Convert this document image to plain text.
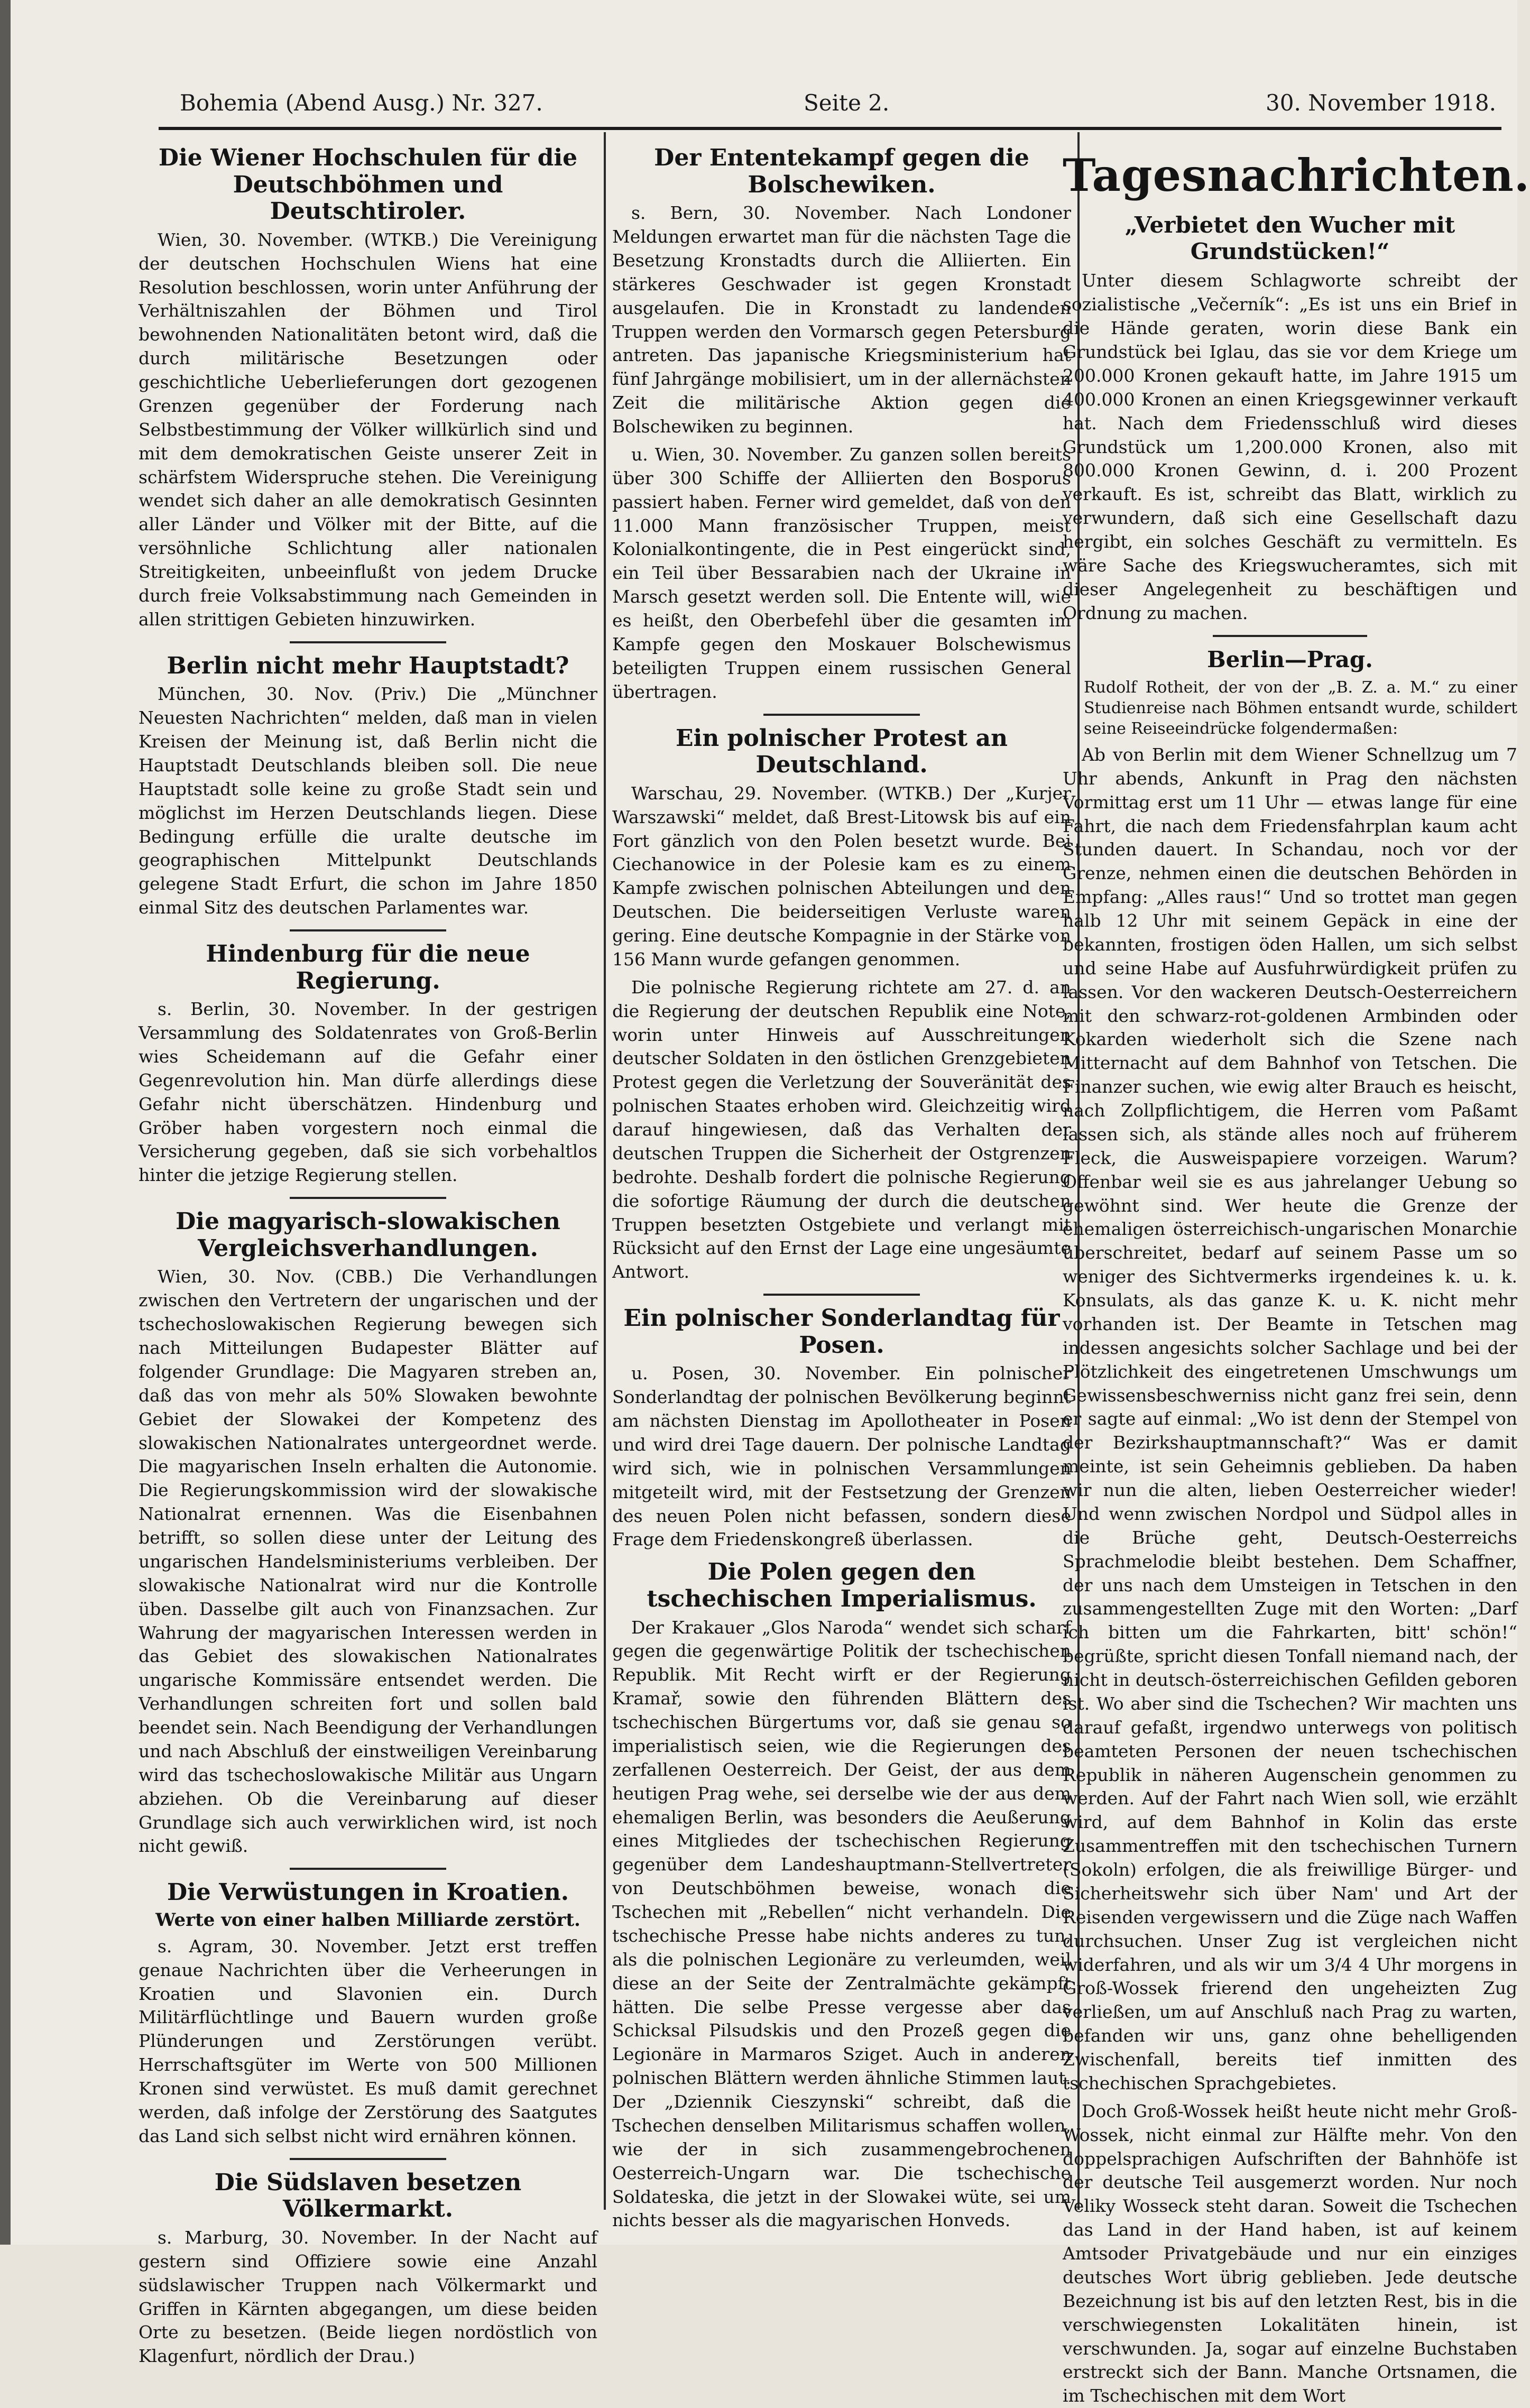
Bohemia (Abend Ausg.) Nr. 327.	Seite 2.	30. November 1918.
Die Wiener Hochschulen für die Deutschböhmen und Deutschtiroler.

Wien, 30. November. (WTKB.) Die Vereinigung der deutschen Hochschulen Wiens hat eine Resolution beschlossen, worin unter Anführung der Verhältniszahlen der Böhmen und Tirol bewohnenden Nationalitäten betont wird, daß die durch militärische Besetzungen oder geschichtliche Ueberlieferungen dort gezogenen Grenzen gegenüber der Forderung nach Selbstbestimmung der Völker willkürlich sind und mit dem demokratischen Geiste unserer Zeit in schärfstem Widerspruche stehen. Die Vereinigung wendet sich daher an alle demokratisch Gesinnten aller Länder und Völker mit der Bitte, auf die versöhnliche Schlichtung aller nationalen Streitigkeiten, unbeeinflußt von jedem Drucke durch freie Volksabstimmung nach Gemeinden in allen strittigen Gebieten hinzuwirken.

Berlin nicht mehr Hauptstadt?

München, 30. Nov. (Priv.) Die „Münchner Neuesten Nachrichten“ melden, daß man in vielen Kreisen der Meinung ist, daß Berlin nicht die Hauptstadt Deutschlands bleiben soll. Die neue Hauptstadt solle keine zu große Stadt sein und möglichst im Herzen Deutschlands liegen. Diese Bedingung erfülle die uralte deutsche im geographischen Mittelpunkt Deutschlands gelegene Stadt Erfurt, die schon im Jahre 1850 einmal Sitz des deutschen Parlamentes war.

Hindenburg für die neue Regierung.

s. Berlin, 30. November. In der gestrigen Versammlung des Soldatenrates von Groß-Berlin wies Scheidemann auf die Gefahr einer Gegenrevolution hin. Man dürfe allerdings diese Gefahr nicht überschätzen. Hindenburg und Gröber haben vorgestern noch einmal die Versicherung gegeben, daß sie sich vorbehaltlos hinter die jetzige Regierung stellen.

Die magyarisch-slowakischen Vergleichsverhandlungen.

Wien, 30. Nov. (CBB.) Die Verhandlungen zwischen den Vertretern der ungarischen und der tschechoslowakischen Regierung bewegen sich nach Mitteilungen Budapester Blätter auf folgender Grundlage: Die Magyaren streben an, daß das von mehr als 50% Slowaken bewohnte Gebiet der Slowakei der Kompetenz des slowakischen Nationalrates untergeordnet werde. Die magyarischen Inseln erhalten die Autonomie. Die Regierungskommission wird der slowakische Nationalrat ernennen. Was die Eisenbahnen betrifft, so sollen diese unter der Leitung des ungarischen Handelsministeriums verbleiben. Der slowakische Nationalrat wird nur die Kontrolle üben. Dasselbe gilt auch von Finanzsachen. Zur Wahrung der magyarischen Interessen werden in das Gebiet des slowakischen Nationalrates ungarische Kommissäre entsendet werden. Die Verhandlungen schreiten fort und sollen bald beendet sein. Nach Beendigung der Verhandlungen und nach Abschluß der einstweiligen Vereinbarung wird das tschechoslowakische Militär aus Ungarn abziehen. Ob die Vereinbarung auf dieser Grundlage sich auch verwirklichen wird, ist noch nicht gewiß.

Die Verwüstungen in Kroatien.
Werte von einer halben Milliarde zerstört.

s. Agram, 30. November. Jetzt erst treffen genaue Nachrichten über die Verheerungen in Kroatien und Slavonien ein. Durch Militärflüchtlinge und Bauern wurden große Plünderungen und Zerstörungen verübt. Herrschaftsgüter im Werte von 500 Millionen Kronen sind verwüstet. Es muß damit gerechnet werden, daß infolge der Zerstörung des Saatgutes das Land sich selbst nicht wird ernähren können.

Die Südslaven besetzen Völkermarkt.

s. Marburg, 30. November. In der Nacht auf gestern sind Offiziere sowie eine Anzahl südslawischer Truppen nach Völkermarkt und Griffen in Kärnten abgegangen, um diese beiden Orte zu besetzen. (Beide liegen nordöstlich von Klagenfurt, nördlich der Drau.)

Der Ententekampf gegen die Bolschewiken.

s. Bern, 30. November. Nach Londoner Meldungen erwartet man für die nächsten Tage die Besetzung Kronstadts durch die Alliierten. Ein stärkeres Geschwader ist gegen Kronstadt ausgelaufen. Die in Kronstadt zu landenden Truppen werden den Vormarsch gegen Petersburg antreten. Das japanische Kriegsministerium hat fünf Jahrgänge mobilisiert, um in der allernächsten Zeit die militärische Aktion gegen die Bolschewiken zu beginnen.

u. Wien, 30. November. Zu ganzen sollen bereits über 300 Schiffe der Alliierten den Bosporus passiert haben. Ferner wird gemeldet, daß von den 11.000 Mann französischer Truppen, meist Kolonialkontingente, die in Pest eingerückt sind, ein Teil über Bessarabien nach der Ukraine in Marsch gesetzt werden soll. Die Entente will, wie es heißt, den Oberbefehl über die gesamten im Kampfe gegen den Moskauer Bolschewismus beteiligten Truppen einem russischen General übertragen.

Ein polnischer Protest an Deutschland.

Warschau, 29. November. (WTKB.) Der „Kurjer Warszawski“ meldet, daß Brest-Litowsk bis auf ein Fort gänzlich von den Polen besetzt wurde. Bei Ciechanowice in der Polesie kam es zu einem Kampfe zwischen polnischen Abteilungen und den Deutschen. Die beiderseitigen Verluste waren gering. Eine deutsche Kompagnie in der Stärke von 156 Mann wurde gefangen genommen.

Die polnische Regierung richtete am 27. d. an die Regierung der deutschen Republik eine Note, worin unter Hinweis auf Ausschreitungen deutscher Soldaten in den östlichen Grenzgebieten Protest gegen die Verletzung der Souveränität des polnischen Staates erhoben wird. Gleichzeitig wird darauf hingewiesen, daß das Verhalten der deutschen Truppen die Sicherheit der Ostgrenzen bedrohte. Deshalb fordert die polnische Regierung die sofortige Räumung der durch die deutschen Truppen besetzten Ostgebiete und verlangt mit Rücksicht auf den Ernst der Lage eine ungesäumte Antwort.

Ein polnischer Sonderlandtag für Posen.

u. Posen, 30. November. Ein polnischer Sonderlandtag der polnischen Bevölkerung beginnt am nächsten Dienstag im Apollotheater in Posen und wird drei Tage dauern. Der polnische Landtag wird sich, wie in polnischen Versammlungen mitgeteilt wird, mit der Festsetzung der Grenzen des neuen Polen nicht befassen, sondern diese Frage dem Friedenskongreß überlassen.

Die Polen gegen den tschechischen Imperialismus.

Der Krakauer „Glos Naroda“ wendet sich scharf gegen die gegenwärtige Politik der tschechischen Republik. Mit Recht wirft er der Regierung Kramař, sowie den führenden Blättern des tschechischen Bürgertums vor, daß sie genau so imperialistisch seien, wie die Regierungen des zerfallenen Oesterreich. Der Geist, der aus dem heutigen Prag wehe, sei derselbe wie der aus dem ehemaligen Berlin, was besonders die Aeußerung eines Mitgliedes der tschechischen Regierung gegenüber dem Landeshauptmann-Stellvertreter von Deutschböhmen beweise, wonach die Tschechen mit „Rebellen“ nicht verhandeln. Die tschechische Presse habe nichts anderes zu tun, als die polnischen Legionäre zu verleumden, weil diese an der Seite der Zentralmächte gekämpft hätten. Die selbe Presse vergesse aber das Schicksal Pilsudskis und den Prozeß gegen die Legionäre in Marmaros Sziget. Auch in anderen polnischen Blättern werden ähnliche Stimmen laut. Der „Dziennik Cieszynski“ schreibt, daß die Tschechen denselben Militarismus schaffen wollen, wie der in sich zusammengebrochenen Oesterreich-Ungarn war. Die tschechische Soldateska, die jetzt in der Slowakei wüte, sei um nichts besser als die magyarischen Honveds.

Tagesnachrichten.
„Verbietet den Wucher mit Grundstücken!“

Unter diesem Schlagworte schreibt der sozialistische „Večerník“: „Es ist uns ein Brief in die Hände geraten, worin diese Bank ein Grundstück bei Iglau, das sie vor dem Kriege um 200.000 Kronen gekauft hatte, im Jahre 1915 um 400.000 Kronen an einen Kriegsgewinner verkauft hat. Nach dem Friedensschluß wird dieses Grundstück um 1,200.000 Kronen, also mit 800.000 Kronen Gewinn, d. i. 200 Prozent verkauft. Es ist, schreibt das Blatt, wirklich zu verwundern, daß sich eine Gesellschaft dazu hergibt, ein solches Geschäft zu vermitteln. Es wäre Sache des Kriegswucheramtes, sich mit dieser Angelegenheit zu beschäftigen und Ordnung zu machen.

Berlin—Prag.

Rudolf Rotheit, der von der „B. Z. a. M.“ zu einer Studienreise nach Böhmen entsandt wurde, schildert seine Reiseeindrücke folgendermaßen:

Ab von Berlin mit dem Wiener Schnellzug um 7 Uhr abends, Ankunft in Prag den nächsten Vormittag erst um 11 Uhr — etwas lange für eine Fahrt, die nach dem Friedensfahrplan kaum acht Stunden dauert. In Schandau, noch vor der Grenze, nehmen einen die deutschen Behörden in Empfang: „Alles raus!“ Und so trottet man gegen halb 12 Uhr mit seinem Gepäck in eine der bekannten, frostigen öden Hallen, um sich selbst und seine Habe auf Ausfuhrwürdigkeit prüfen zu lassen. Vor den wackeren Deutsch-Oesterreichern mit den schwarz-rot-goldenen Armbinden oder Kokarden wiederholt sich die Szene nach Mitternacht auf dem Bahnhof von Tetschen. Die Finanzer suchen, wie ewig alter Brauch es heischt, nach Zollpflichtigem, die Herren vom Paßamt lassen sich, als stände alles noch auf früherem Fleck, die Ausweispapiere vorzeigen. Warum? Offenbar weil sie es aus jahrelanger Uebung so gewöhnt sind. Wer heute die Grenze der ehemaligen österreichisch-ungarischen Monarchie überschreitet, bedarf auf seinem Passe um so weniger des Sichtvermerks irgendeines k. u. k. Konsulats, als das ganze K. u. K. nicht mehr vorhanden ist. Der Beamte in Tetschen mag indessen angesichts solcher Sachlage und bei der Plötzlichkeit des eingetretenen Umschwungs um Gewissensbeschwerniss nicht ganz frei sein, denn er sagte auf einmal: „Wo ist denn der Stempel von der Bezirkshauptmannschaft?“ Was er damit meinte, ist sein Geheimnis geblieben. Da haben wir nun die alten, lieben Oesterreicher wieder! Und wenn zwischen Nordpol und Südpol alles in die Brüche geht, Deutsch-Oesterreichs Sprachmelodie bleibt bestehen. Dem Schaffner, der uns nach dem Umsteigen in Tetschen in den zusammengestellten Zuge mit den Worten: „Darf ich bitten um die Fahrkarten, bitt' schön!“ begrüßte, spricht diesen Tonfall niemand nach, der nicht in deutsch-österreichischen Gefilden geboren ist. Wo aber sind die Tschechen? Wir machten uns darauf gefaßt, irgendwo unterwegs von politisch beamteten Personen der neuen tschechischen Republik in näheren Augenschein genommen zu werden. Auf der Fahrt nach Wien soll, wie erzählt wird, auf dem Bahnhof in Kolin das erste Zusammentreffen mit den tschechischen Turnern (Sokoln) erfolgen, die als freiwillige Bürger- und Sicherheitswehr sich über Nam' und Art der Reisenden vergewissern und die Züge nach Waffen durchsuchen. Unser Zug ist vergleichen nicht widerfahren, und als wir um 3/4 4 Uhr morgens in Groß-Wossek frierend den ungeheizten Zug verließen, um auf Anschluß nach Prag zu warten, befanden wir uns, ganz ohne behelligenden Zwischenfall, bereits tief inmitten des tschechischen Sprachgebietes.

Doch Groß-Wossek heißt heute nicht mehr Groß-Wossek, nicht einmal zur Hälfte mehr. Von den doppelsprachigen Aufschriften der Bahnhöfe ist der deutsche Teil ausgemerzt worden. Nur noch Veliky Wosseck steht daran. Soweit die Tschechen das Land in der Hand haben, ist auf keinem Amtsoder Privatgebäude und nur ein einziges deutsches Wort übrig geblieben. Jede deutsche Bezeichnung ist bis auf den letzten Rest, bis in die verschwiegensten Lokalitäten hinein, ist verschwunden. Ja, sogar auf einzelne Buchstaben erstreckt sich der Bann. Manche Ortsnamen, die im Tschechischen mit dem Wort
